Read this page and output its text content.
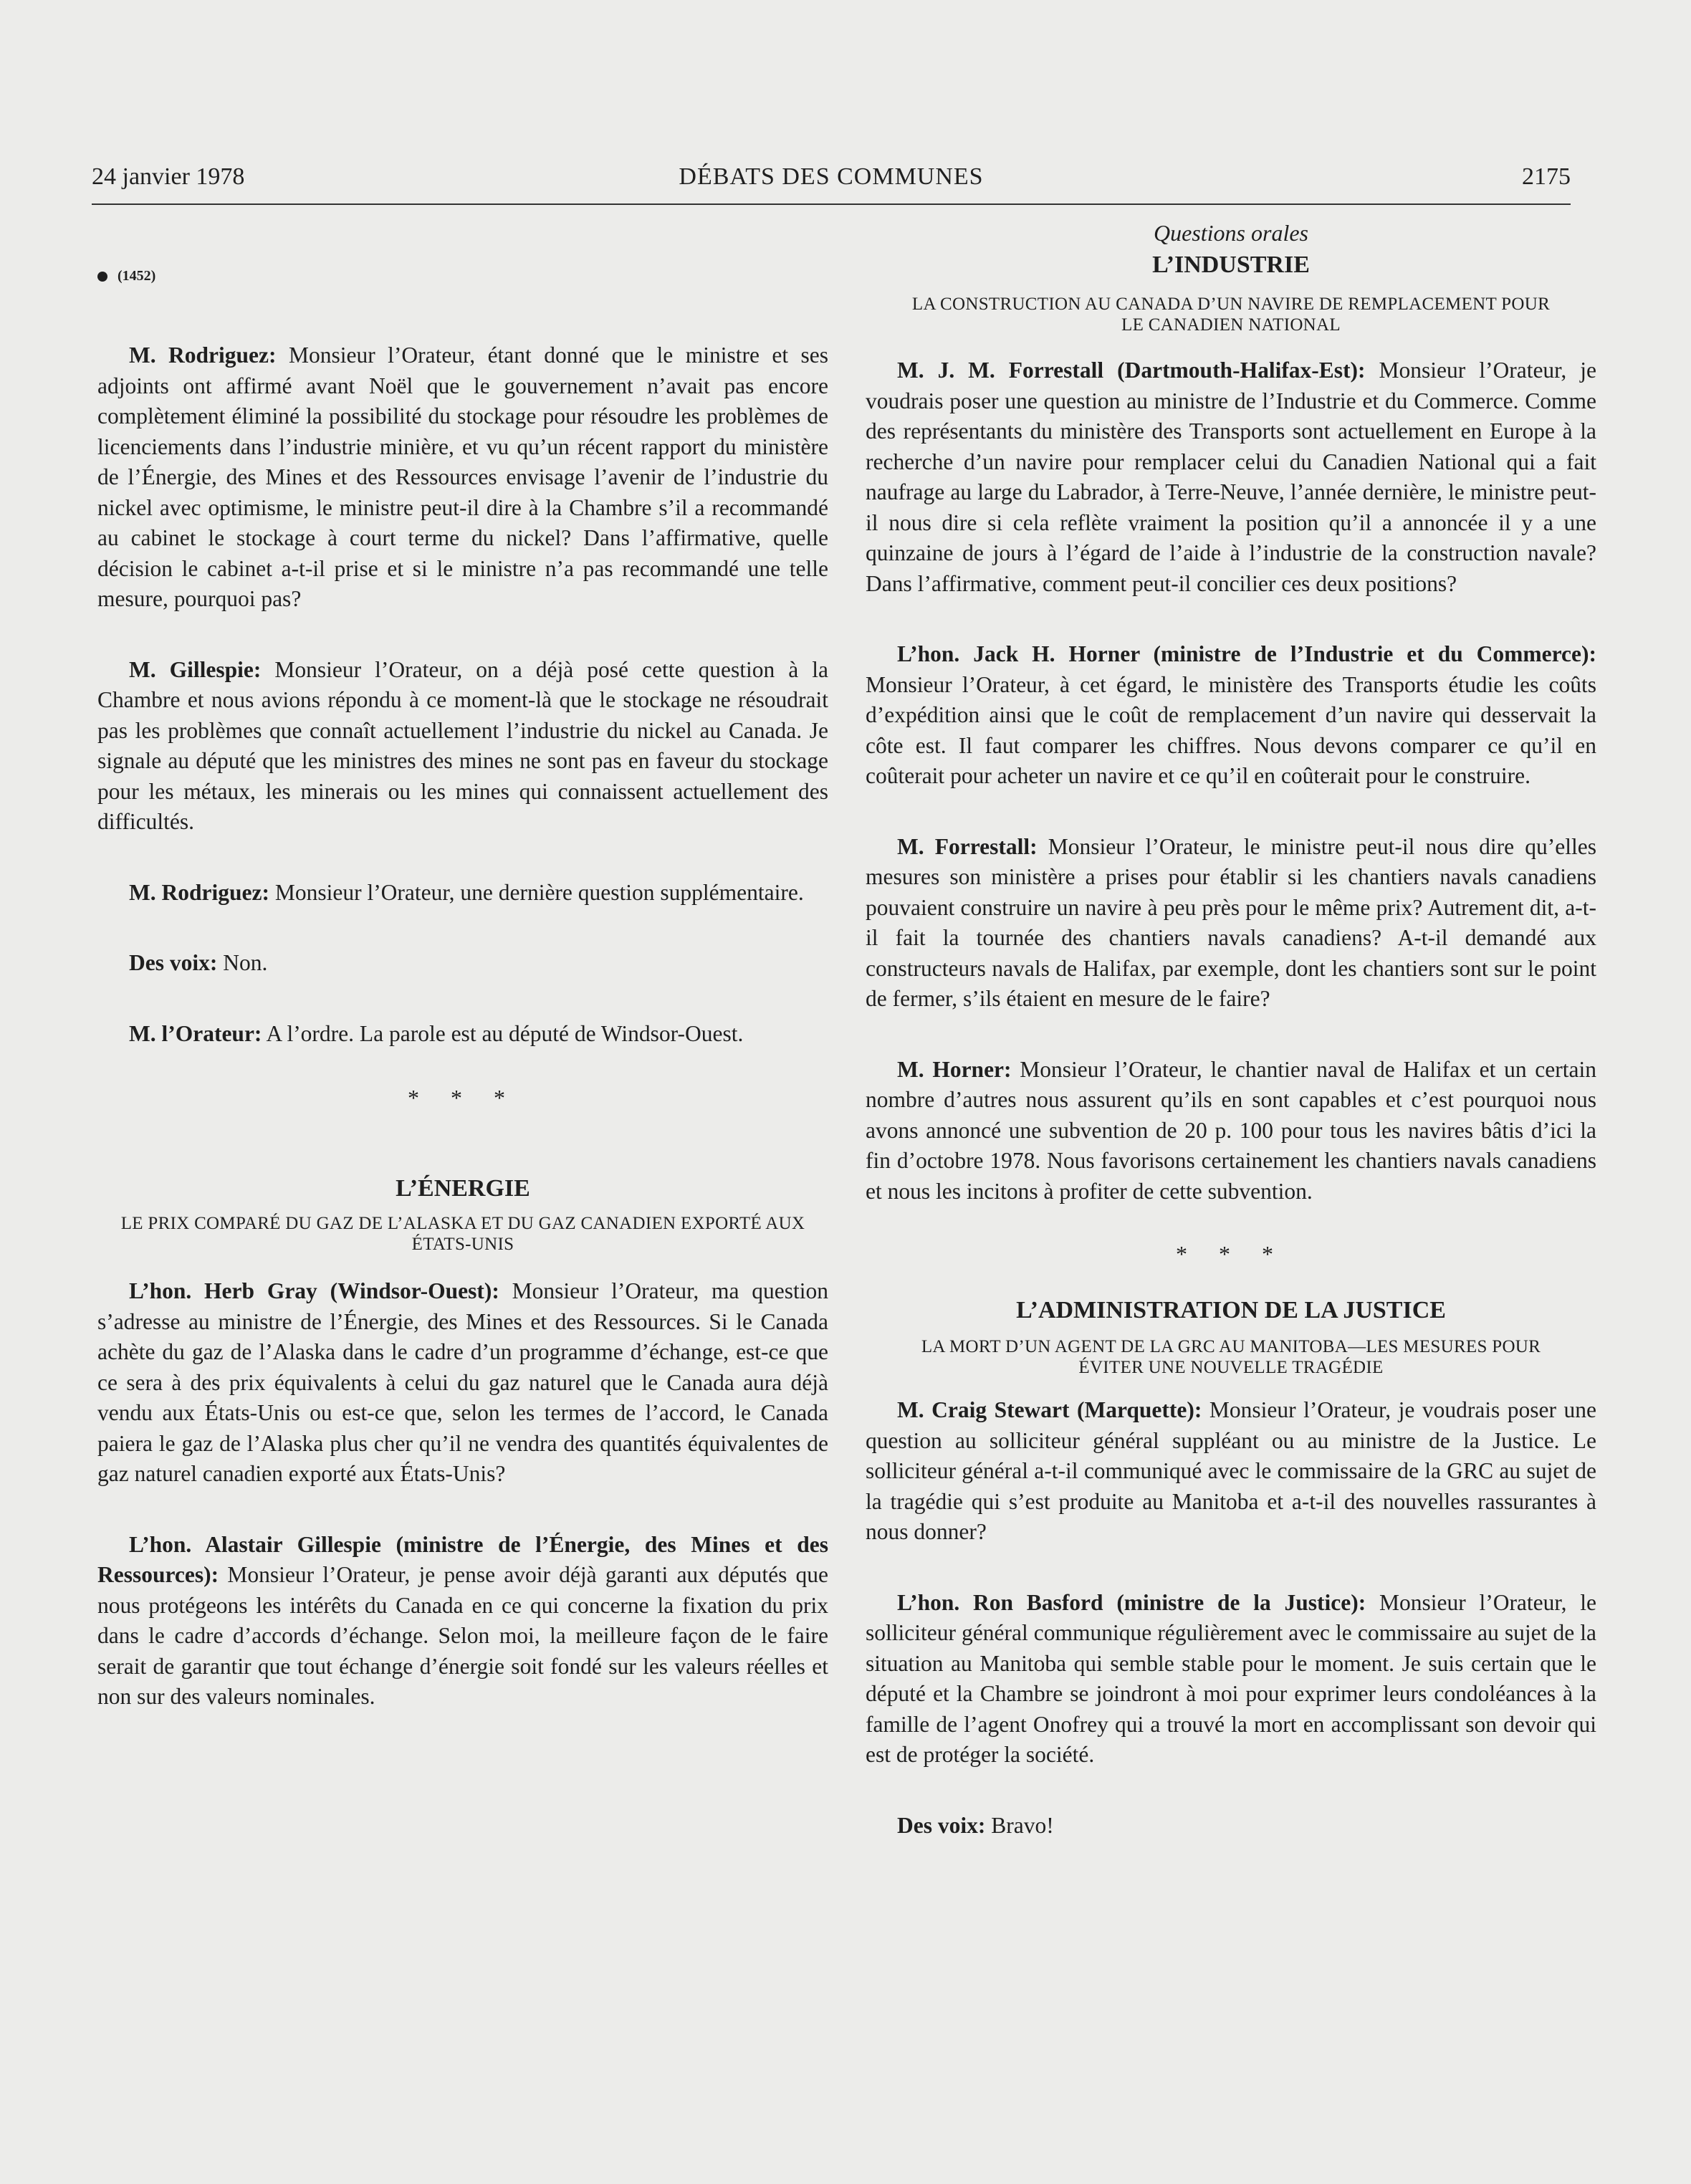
24 janvier 1978	DÉBATS DES COMMUNES	2175
(1452)

M. Rodriguez: Monsieur l’Orateur, étant donné que le ministre et ses adjoints ont affirmé avant Noël que le gouvernement n’avait pas encore complètement éliminé la possibilité du stockage pour résoudre les problèmes de licenciements dans l’industrie minière, et vu qu’un récent rapport du ministère de l’Énergie, des Mines et des Ressources envisage l’avenir de l’industrie du nickel avec optimisme, le ministre peut-il dire à la Chambre s’il a recommandé au cabinet le stockage à court terme du nickel? Dans l’affirmative, quelle décision le cabinet a-t-il prise et si le ministre n’a pas recommandé une telle mesure, pourquoi pas?

M. Gillespie: Monsieur l’Orateur, on a déjà posé cette question à la Chambre et nous avions répondu à ce moment-là que le stockage ne résoudrait pas les problèmes que connaît actuellement l’industrie du nickel au Canada. Je signale au député que les ministres des mines ne sont pas en faveur du stockage pour les métaux, les minerais ou les mines qui connaissent actuellement des difficultés.

M. Rodriguez: Monsieur l’Orateur, une dernière question supplémentaire.

Des voix: Non.

M. l’Orateur: A l’ordre. La parole est au député de Windsor-Ouest.

* * *
L’ÉNERGIE
LE PRIX COMPARÉ DU GAZ DE L’ALASKA ET DU GAZ CANADIEN EXPORTÉ AUX ÉTATS-UNIS

L’hon. Herb Gray (Windsor-Ouest): Monsieur l’Orateur, ma question s’adresse au ministre de l’Énergie, des Mines et des Ressources. Si le Canada achète du gaz de l’Alaska dans le cadre d’un programme d’échange, est-ce que ce sera à des prix équivalents à celui du gaz naturel que le Canada aura déjà vendu aux États-Unis ou est-ce que, selon les termes de l’accord, le Canada paiera le gaz de l’Alaska plus cher qu’il ne vendra des quantités équivalentes de gaz naturel canadien exporté aux États-Unis?

L’hon. Alastair Gillespie (ministre de l’Énergie, des Mines et des Ressources): Monsieur l’Orateur, je pense avoir déjà garanti aux députés que nous protégeons les intérêts du Canada en ce qui concerne la fixation du prix dans le cadre d’accords d’échange. Selon moi, la meilleure façon de le faire serait de garantir que tout échange d’énergie soit fondé sur les valeurs réelles et non sur des valeurs nominales.

Questions orales
L’INDUSTRIE
LA CONSTRUCTION AU CANADA D’UN NAVIRE DE REMPLACEMENT POUR LE CANADIEN NATIONAL

M. J. M. Forrestall (Dartmouth-Halifax-Est): Monsieur l’Orateur, je voudrais poser une question au ministre de l’Industrie et du Commerce. Comme des représentants du ministère des Transports sont actuellement en Europe à la recherche d’un navire pour remplacer celui du Canadien National qui a fait naufrage au large du Labrador, à Terre-Neuve, l’année dernière, le ministre peut-il nous dire si cela reflète vraiment la position qu’il a annoncée il y a une quinzaine de jours à l’égard de l’aide à l’industrie de la construction navale? Dans l’affirmative, comment peut-il concilier ces deux positions?

L’hon. Jack H. Horner (ministre de l’Industrie et du Commerce): Monsieur l’Orateur, à cet égard, le ministère des Transports étudie les coûts d’expédition ainsi que le coût de remplacement d’un navire qui desservait la côte est. Il faut comparer les chiffres. Nous devons comparer ce qu’il en coûterait pour acheter un navire et ce qu’il en coûterait pour le construire.

M. Forrestall: Monsieur l’Orateur, le ministre peut-il nous dire qu’elles mesures son ministère a prises pour établir si les chantiers navals canadiens pouvaient construire un navire à peu près pour le même prix? Autrement dit, a-t-il fait la tournée des chantiers navals canadiens? A-t-il demandé aux constructeurs navals de Halifax, par exemple, dont les chantiers sont sur le point de fermer, s’ils étaient en mesure de le faire?

M. Horner: Monsieur l’Orateur, le chantier naval de Halifax et un certain nombre d’autres nous assurent qu’ils en sont capables et c’est pourquoi nous avons annoncé une subvention de 20 p. 100 pour tous les navires bâtis d’ici la fin d’octobre 1978. Nous favorisons certainement les chantiers navals canadiens et nous les incitons à profiter de cette subvention.

* * *
L’ADMINISTRATION DE LA JUSTICE
LA MORT D’UN AGENT DE LA GRC AU MANITOBA—LES MESURES POUR ÉVITER UNE NOUVELLE TRAGÉDIE

M. Craig Stewart (Marquette): Monsieur l’Orateur, je voudrais poser une question au solliciteur général suppléant ou au ministre de la Justice. Le solliciteur général a-t-il communiqué avec le commissaire de la GRC au sujet de la tragédie qui s’est produite au Manitoba et a-t-il des nouvelles rassurantes à nous donner?

L’hon. Ron Basford (ministre de la Justice): Monsieur l’Orateur, le solliciteur général communique régulièrement avec le commissaire au sujet de la situation au Manitoba qui semble stable pour le moment. Je suis certain que le député et la Chambre se joindront à moi pour exprimer leurs condoléances à la famille de l’agent Onofrey qui a trouvé la mort en accomplissant son devoir qui est de protéger la société.

Des voix: Bravo!
